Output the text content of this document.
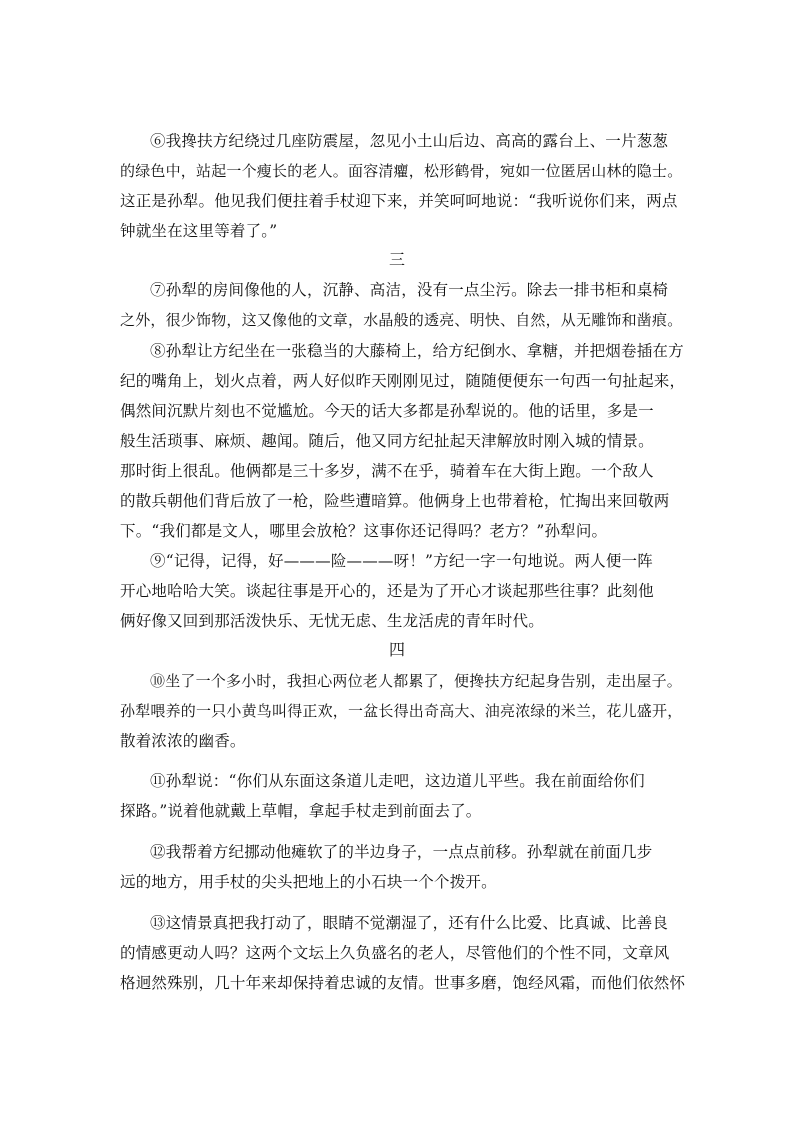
⑥我搀扶方纪绕过几座防震屋，忽见小土山后边、高高的露台上、一片葱葱
的绿色中，站起一个瘦长的老人。面容清癯，松形鹤骨，宛如一位匿居山林的隐士。
这正是孙犁。他见我们便拄着手杖迎下来，并笑呵呵地说：“我听说你们来，两点
钟就坐在这里等着了。”
三
⑦孙犁的房间像他的人，沉静、高洁，没有一点尘污。除去一排书柜和桌椅
之外，很少饰物，这又像他的文章，水晶般的透亮、明快、自然，从无雕饰和凿痕。
⑧孙犁让方纪坐在一张稳当的大藤椅上，给方纪倒水、拿糖，并把烟卷插在方
纪的嘴角上，划火点着，两人好似昨天刚刚见过，随随便便东一句西一句扯起来，
偶然间沉默片刻也不觉尴尬。今天的话大多都是孙犁说的。他的话里，多是一
般生活琐事、麻烦、趣闻。随后，他又同方纪扯起天津解放时刚入城的情景。
那时街上很乱。他俩都是三十多岁，满不在乎，骑着车在大街上跑。一个敌人
的散兵朝他们背后放了一枪，险些遭暗算。他俩身上也带着枪，忙掏出来回敬两
下。“我们都是文人，哪里会放枪？这事你还记得吗？老方？”孙犁问。
⑨“记得，记得，好———险———呀！”方纪一字一句地说。两人便一阵
开心地哈哈大笑。谈起往事是开心的，还是为了开心才谈起那些往事？此刻他
俩好像又回到那活泼快乐、无忧无虑、生龙活虎的青年时代。
四
⑩坐了一个多小时，我担心两位老人都累了，便搀扶方纪起身告别，走出屋子。
孙犁喂养的一只小黄鸟叫得正欢，一盆长得出奇高大、油亮浓绿的米兰，花儿盛开，
散着浓浓的幽香。
⑪孙犁说：“你们从东面这条道儿走吧，这边道儿平些。我在前面给你们
探路。”说着他就戴上草帽，拿起手杖走到前面去了。
⑫我帮着方纪挪动他瘫软了的半边身子，一点点前移。孙犁就在前面几步
远的地方，用手杖的尖头把地上的小石块一个个拨开。
⑬这情景真把我打动了，眼睛不觉潮湿了，还有什么比爱、比真诚、比善良
的情感更动人吗？这两个文坛上久负盛名的老人，尽管他们的个性不同，文章风
格迥然殊别，几十年来却保持着忠诚的友情。世事多磨，饱经风霜，而他们依然怀
